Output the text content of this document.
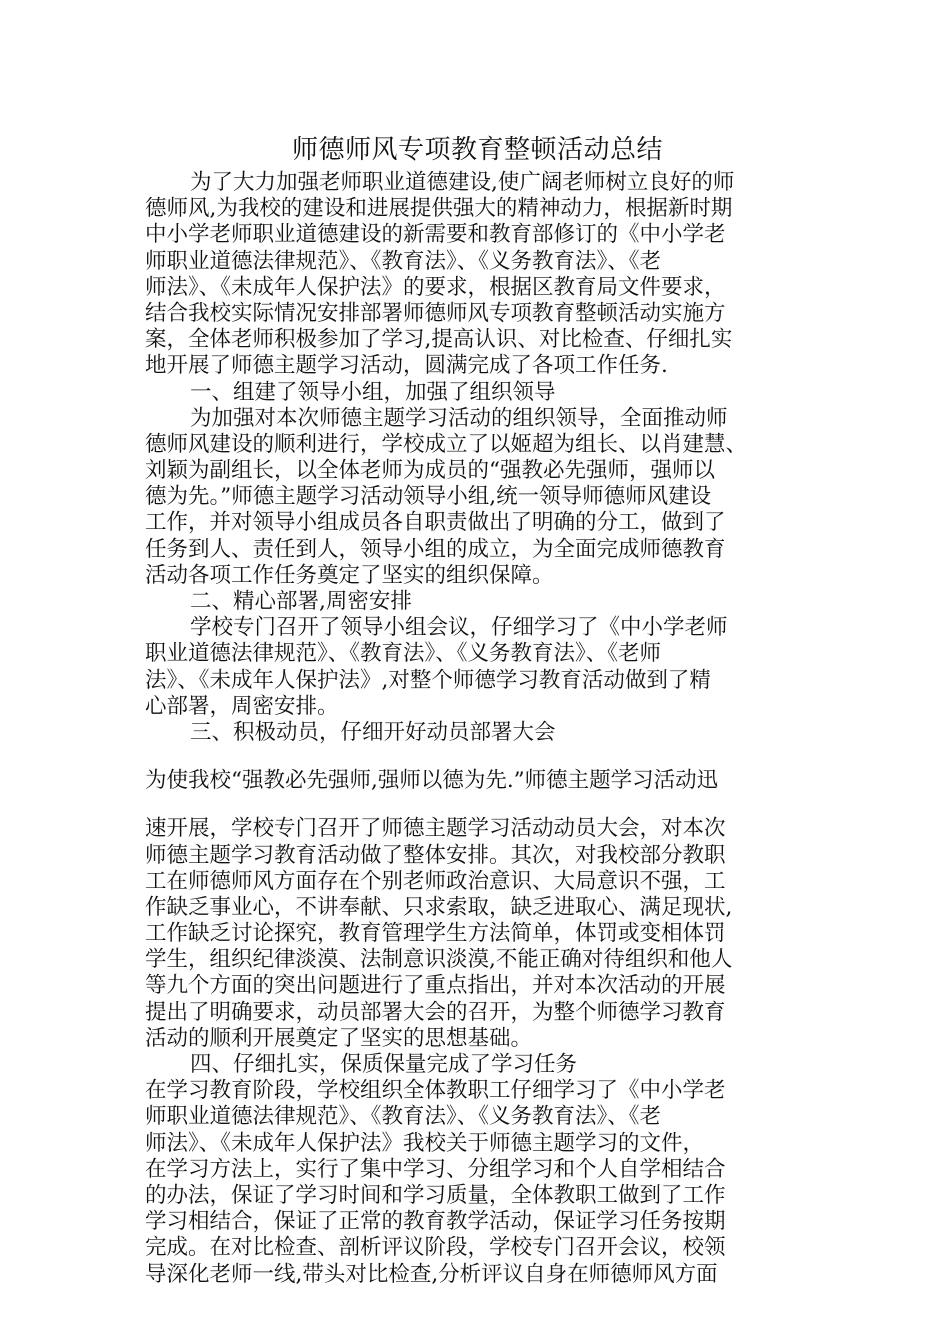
师德师风专项教育整顿活动总结
为了大力加强老师职业道德建设,使广阔老师树立良好的师
德师风,为我校的建设和进展提供强大的精神动力，根据新时期
中小学老师职业道德建设的新需要和教育部修订的《中小学老
师职业道德法律规范》、《教育法》、《义务教育法》、《老
师法》、《未成年人保护法》的要求，根据区教育局文件要求，
结合我校实际情况安排部署师德师风专项教育整顿活动实施方
案，全体老师积极参加了学习,提高认识、对比检查、仔细扎实
地开展了师德主题学习活动，圆满完成了各项工作任务.
一、组建了领导小组，加强了组织领导
为加强对本次师德主题学习活动的组织领导，全面推动师
德师风建设的顺利进行，学校成立了以姬超为组长、以肖建慧、
刘颖为副组长，以全体老师为成员的“强教必先强师，强师以
德为先。”师德主题学习活动领导小组,统一领导师德师风建设
工作，并对领导小组成员各自职责做出了明确的分工，做到了
任务到人、责任到人，领导小组的成立，为全面完成师德教育
活动各项工作任务奠定了坚实的组织保障。
二、精心部署,周密安排
学校专门召开了领导小组会议，仔细学习了《中小学老师
职业道德法律规范》、《教育法》、《义务教育法》、《老师
法》、《未成年人保护法》,对整个师德学习教育活动做到了精
心部署，周密安排。
三、积极动员，仔细开好动员部署大会
为使我校“强教必先强师,强师以德为先.”师德主题学习活动迅
速开展，学校专门召开了师德主题学习活动动员大会，对本次
师德主题学习教育活动做了整体安排。其次，对我校部分教职
工在师德师风方面存在个别老师政治意识、大局意识不强，工
作缺乏事业心，不讲奉献、只求索取，缺乏进取心、满足现状,
工作缺乏讨论探究，教育管理学生方法简单，体罚或变相体罚
学生，组织纪律淡漠、法制意识淡漠,不能正确对待组织和他人
等九个方面的突出问题进行了重点指出，并对本次活动的开展
提出了明确要求，动员部署大会的召开，为整个师德学习教育
活动的顺利开展奠定了坚实的思想基础。
四、仔细扎实，保质保量完成了学习任务
在学习教育阶段，学校组织全体教职工仔细学习了《中小学老
师职业道德法律规范》、《教育法》、《义务教育法》、《老
师法》、《未成年人保护法》我校关于师德主题学习的文件，
在学习方法上，实行了集中学习、分组学习和个人自学相结合
的办法，保证了学习时间和学习质量，全体教职工做到了工作
学习相结合，保证了正常的教育教学活动，保证学习任务按期
完成。在对比检查、剖析评议阶段，学校专门召开会议，校领
导深化老师一线,带头对比检查,分析评议自身在师德师风方面
